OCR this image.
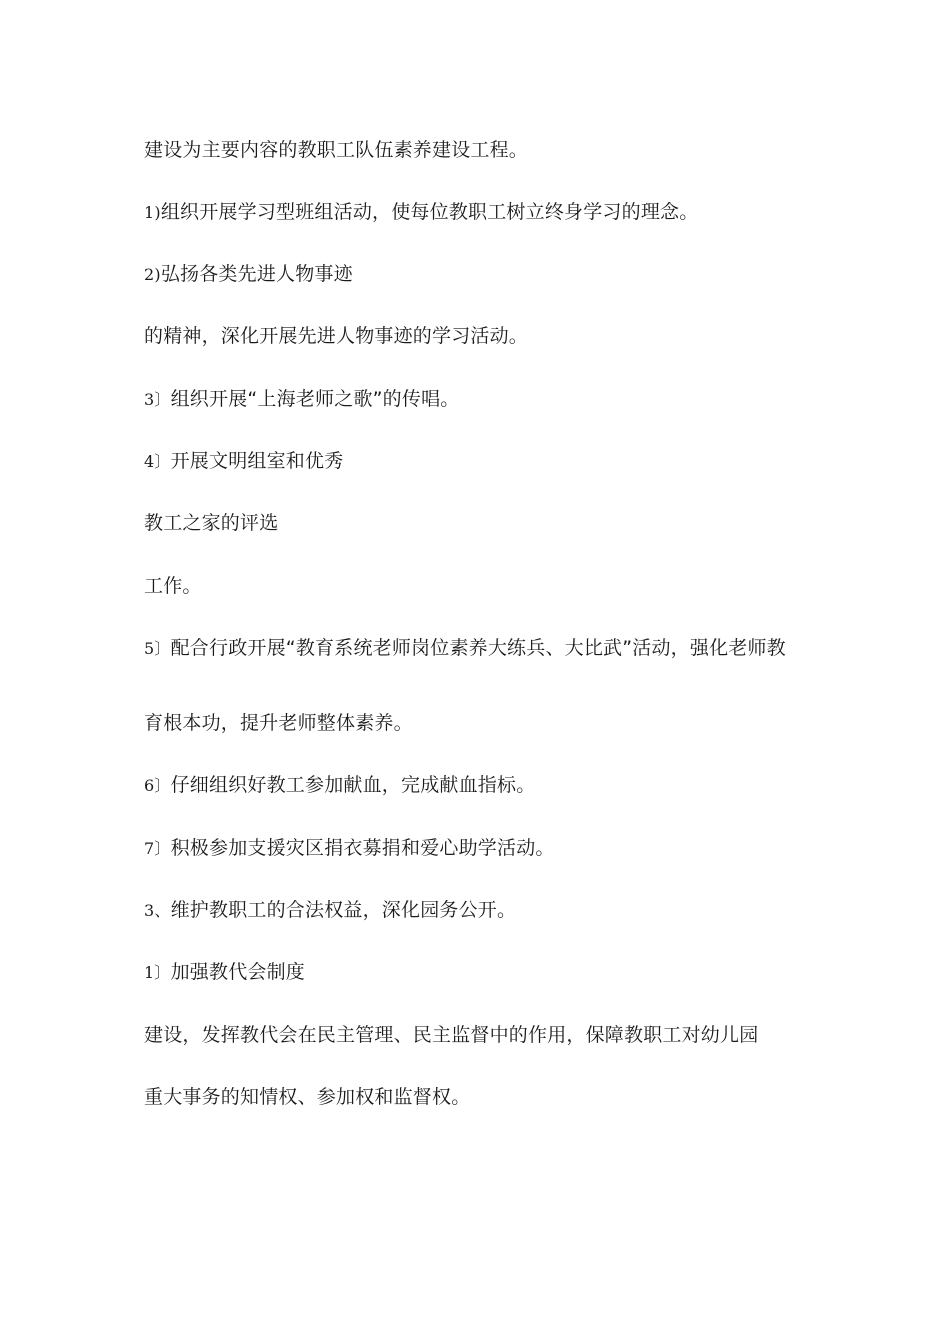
建设为主要内容的教职工队伍素养建设工程。
1)组织开展学习型班组活动，使每位教职工树立终身学习的理念。
2)弘扬各类先进人物事迹
的精神，深化开展先进人物事迹的学习活动。
3〕组织开展“上海老师之歌”的传唱。
4〕开展文明组室和优秀
教工之家的评选
工作。
5〕配合行政开展“教育系统老师岗位素养大练兵、大比武”活动，强化老师教
育根本功，提升老师整体素养。
6〕仔细组织好教工参加献血，完成献血指标。
7〕积极参加支援灾区捐衣募捐和爱心助学活动。
3、维护教职工的合法权益，深化园务公开。
1〕加强教代会制度
建设，发挥教代会在民主管理、民主监督中的作用，保障教职工对幼儿园
重大事务的知情权、参加权和监督权。
